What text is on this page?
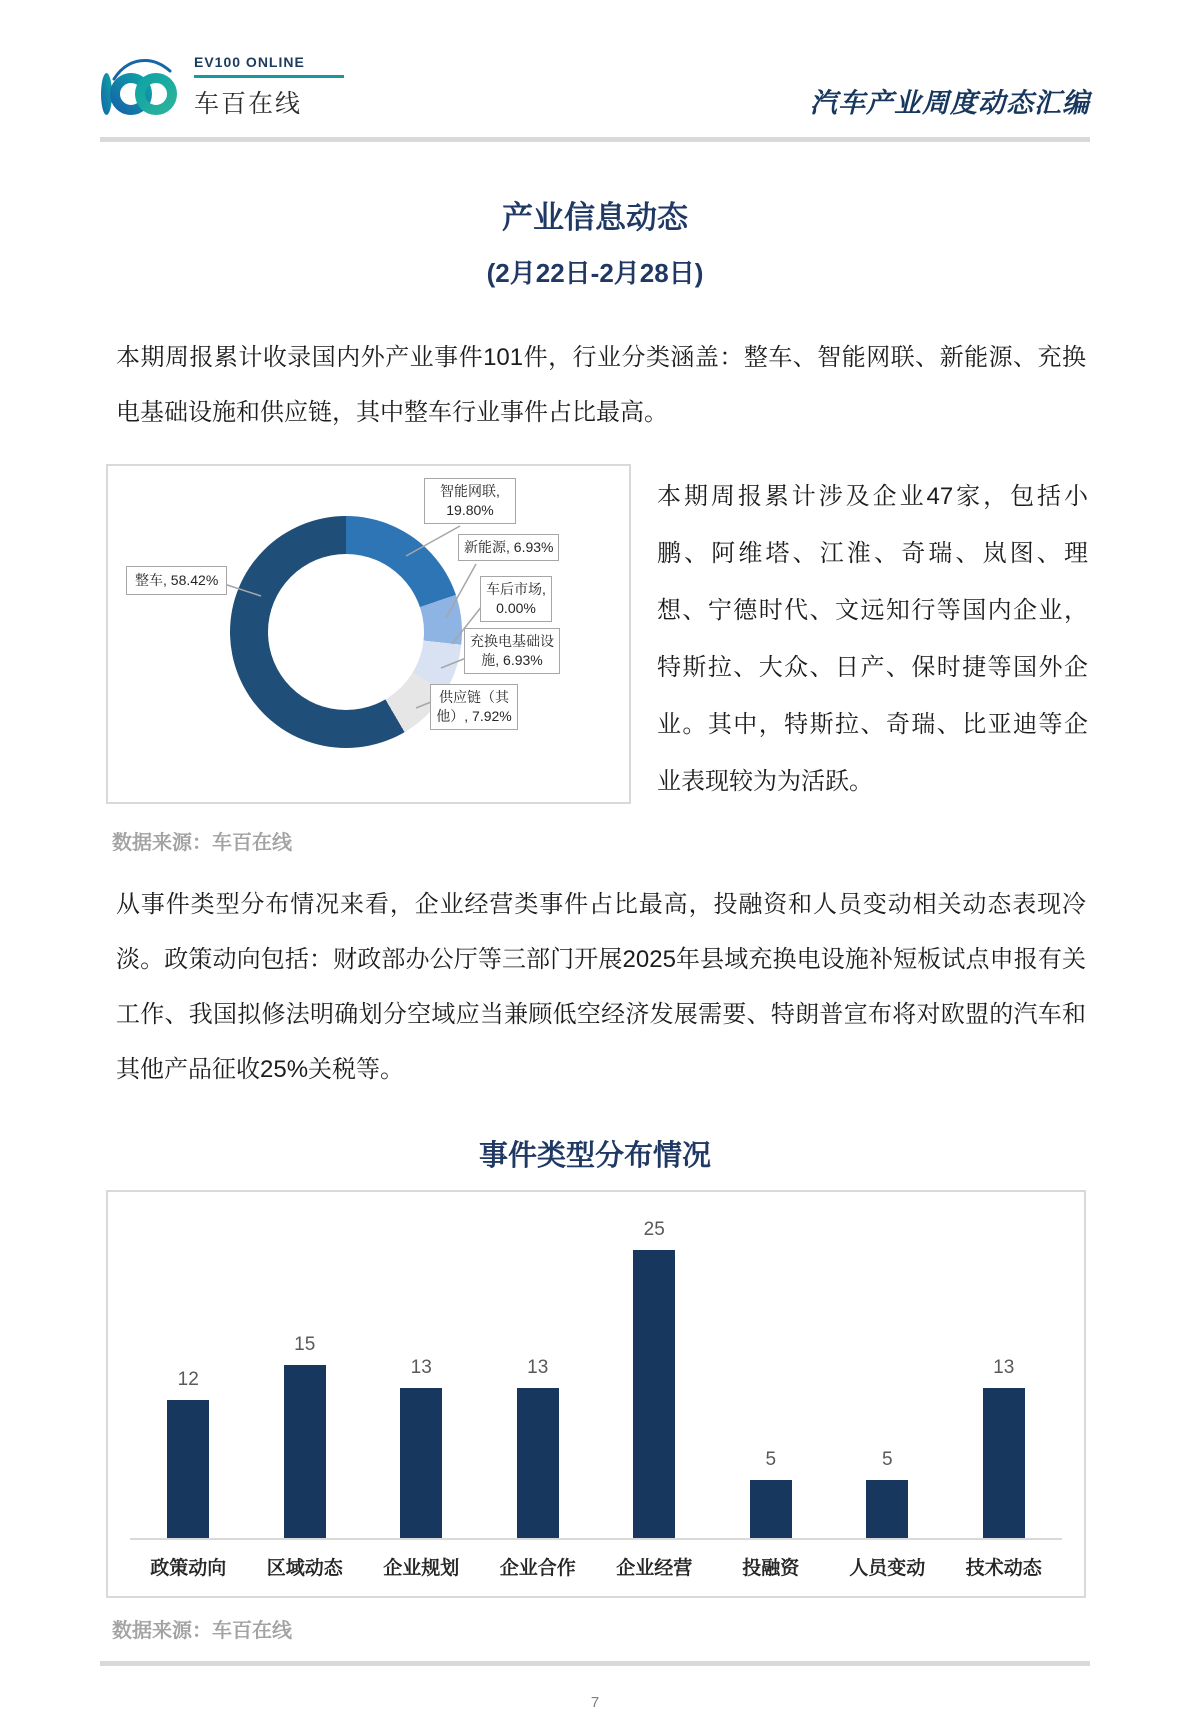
EV100 ONLINE
车百在线	汽车产业周度动态汇编
产业信息动态
(2月22日-2月28日)

本期周报累计收录国内外产业事件101件，行业分类涵盖：整车、智能网联、新能源、充换电基础设施和供应链，其中整车行业事件占比最高。

整车, 58.42%
智能网联, 19.80%
新能源, 6.93%
车后市场, 0.00%
充换电基础设施, 6.93%
供应链（其他）, 7.92%

本期周报累计涉及企业47家，包括小鹏、阿维塔、江淮、奇瑞、岚图、理想、宁德时代、文远知行等国内企业，特斯拉、大众、日产、保时捷等国外企业。其中，特斯拉、奇瑞、比亚迪等企业表现较为为活跃。

数据来源：车百在线

从事件类型分布情况来看，企业经营类事件占比最高，投融资和人员变动相关动态表现冷淡。政策动向包括：财政部办公厅等三部门开展2025年县域充换电设施补短板试点申报有关工作、我国拟修法明确划分空域应当兼顾低空经济发展需要、特朗普宣布将对欧盟的汽车和其他产品征收25%关税等。

事件类型分布情况
12
15
13	13
25
5	5
13
政策动向	区域动态	企业规划	企业合作	企业经营	投融资	人员变动	技术动态
数据来源：车百在线
7
